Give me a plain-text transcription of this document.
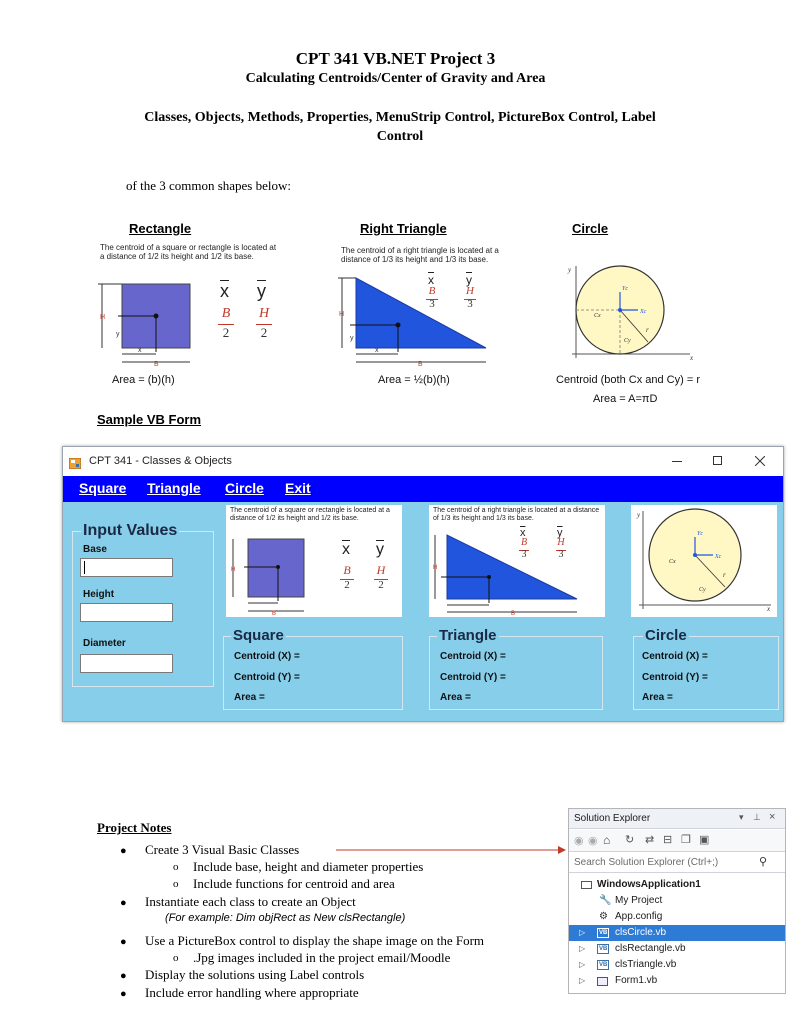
CPT 341 VB.NET Project 3
Calculating Centroids/Center of Gravity and Area
Classes, Objects, Methods, Properties, MenuStrip Control, PictureBox Control, Label
Control
of the 3 common shapes below:
Rectangle
The centroid of a square or rectangle is located at a distance of 1/2 its height and 1/2 its base.
H
y
x
B
$\overline{x}$ $\overline{y}$
B
2
H
2
Area = (b)(h)
Right Triangle
The centroid of a right triangle is located at a distance of 1/3 its height and 1/3 its base.
H
y
x
B
$\overline{x}$	$\overline{y}$
B
3
H
3
Area = ½(b)(h)
Circle
y
x
r
Cx
Cy
Yc
Xc
Centroid (both Cx and Cy) = r
Area = A=πD
Sample VB Form
CPT 341 - Classes & Objects
Square Triangle Circle Exit
Input Values
Base
Height
Diameter
The centroid of a square or rectangle is located at a distance of 1/2 its height and 1/2 its base.
H
B
$\overline{x}$ $\overline{y}$
B
2
H
2
The centroid of a right triangle is located at a distance of 1/3 its height and 1/3 its base.
H
B
$\overline{x}$	$\overline{y}$
B
3
H
3
y
x
r
Cx
Cy
Yc
Xc
Square
Centroid (X) =
Centroid (Y) =
Area =
Triangle
Centroid (X) =
Centroid (Y) =
Area =
Circle
Centroid (X) =
Centroid (Y) =
Area =
Project Notes
● Create 3 Visual Basic Classes
o Include base, height and diameter properties
o Include functions for centroid and area
● Instantiate each class to create an Object
(For example: Dim objRect as New clsRectangle)
● Use a PictureBox control to display the shape image on the Form
o .Jpg images included in the project email/Moodle
● Display the solutions using Label controls
● Include error handling where appropriate
Solution Explorer	▾ ⊥ ×
◉ ◉ ⌂ ↻ ⇄ ⊟ ❐ ▣
Search Solution Explorer (Ctrl+;)	⚲
WindowsApplication1
🔧 My Project
⚙ App.config
▷	VB clsCircle.vb
▷	VB clsRectangle.vb
▷	VB clsTriangle.vb
▷	Form1.vb
